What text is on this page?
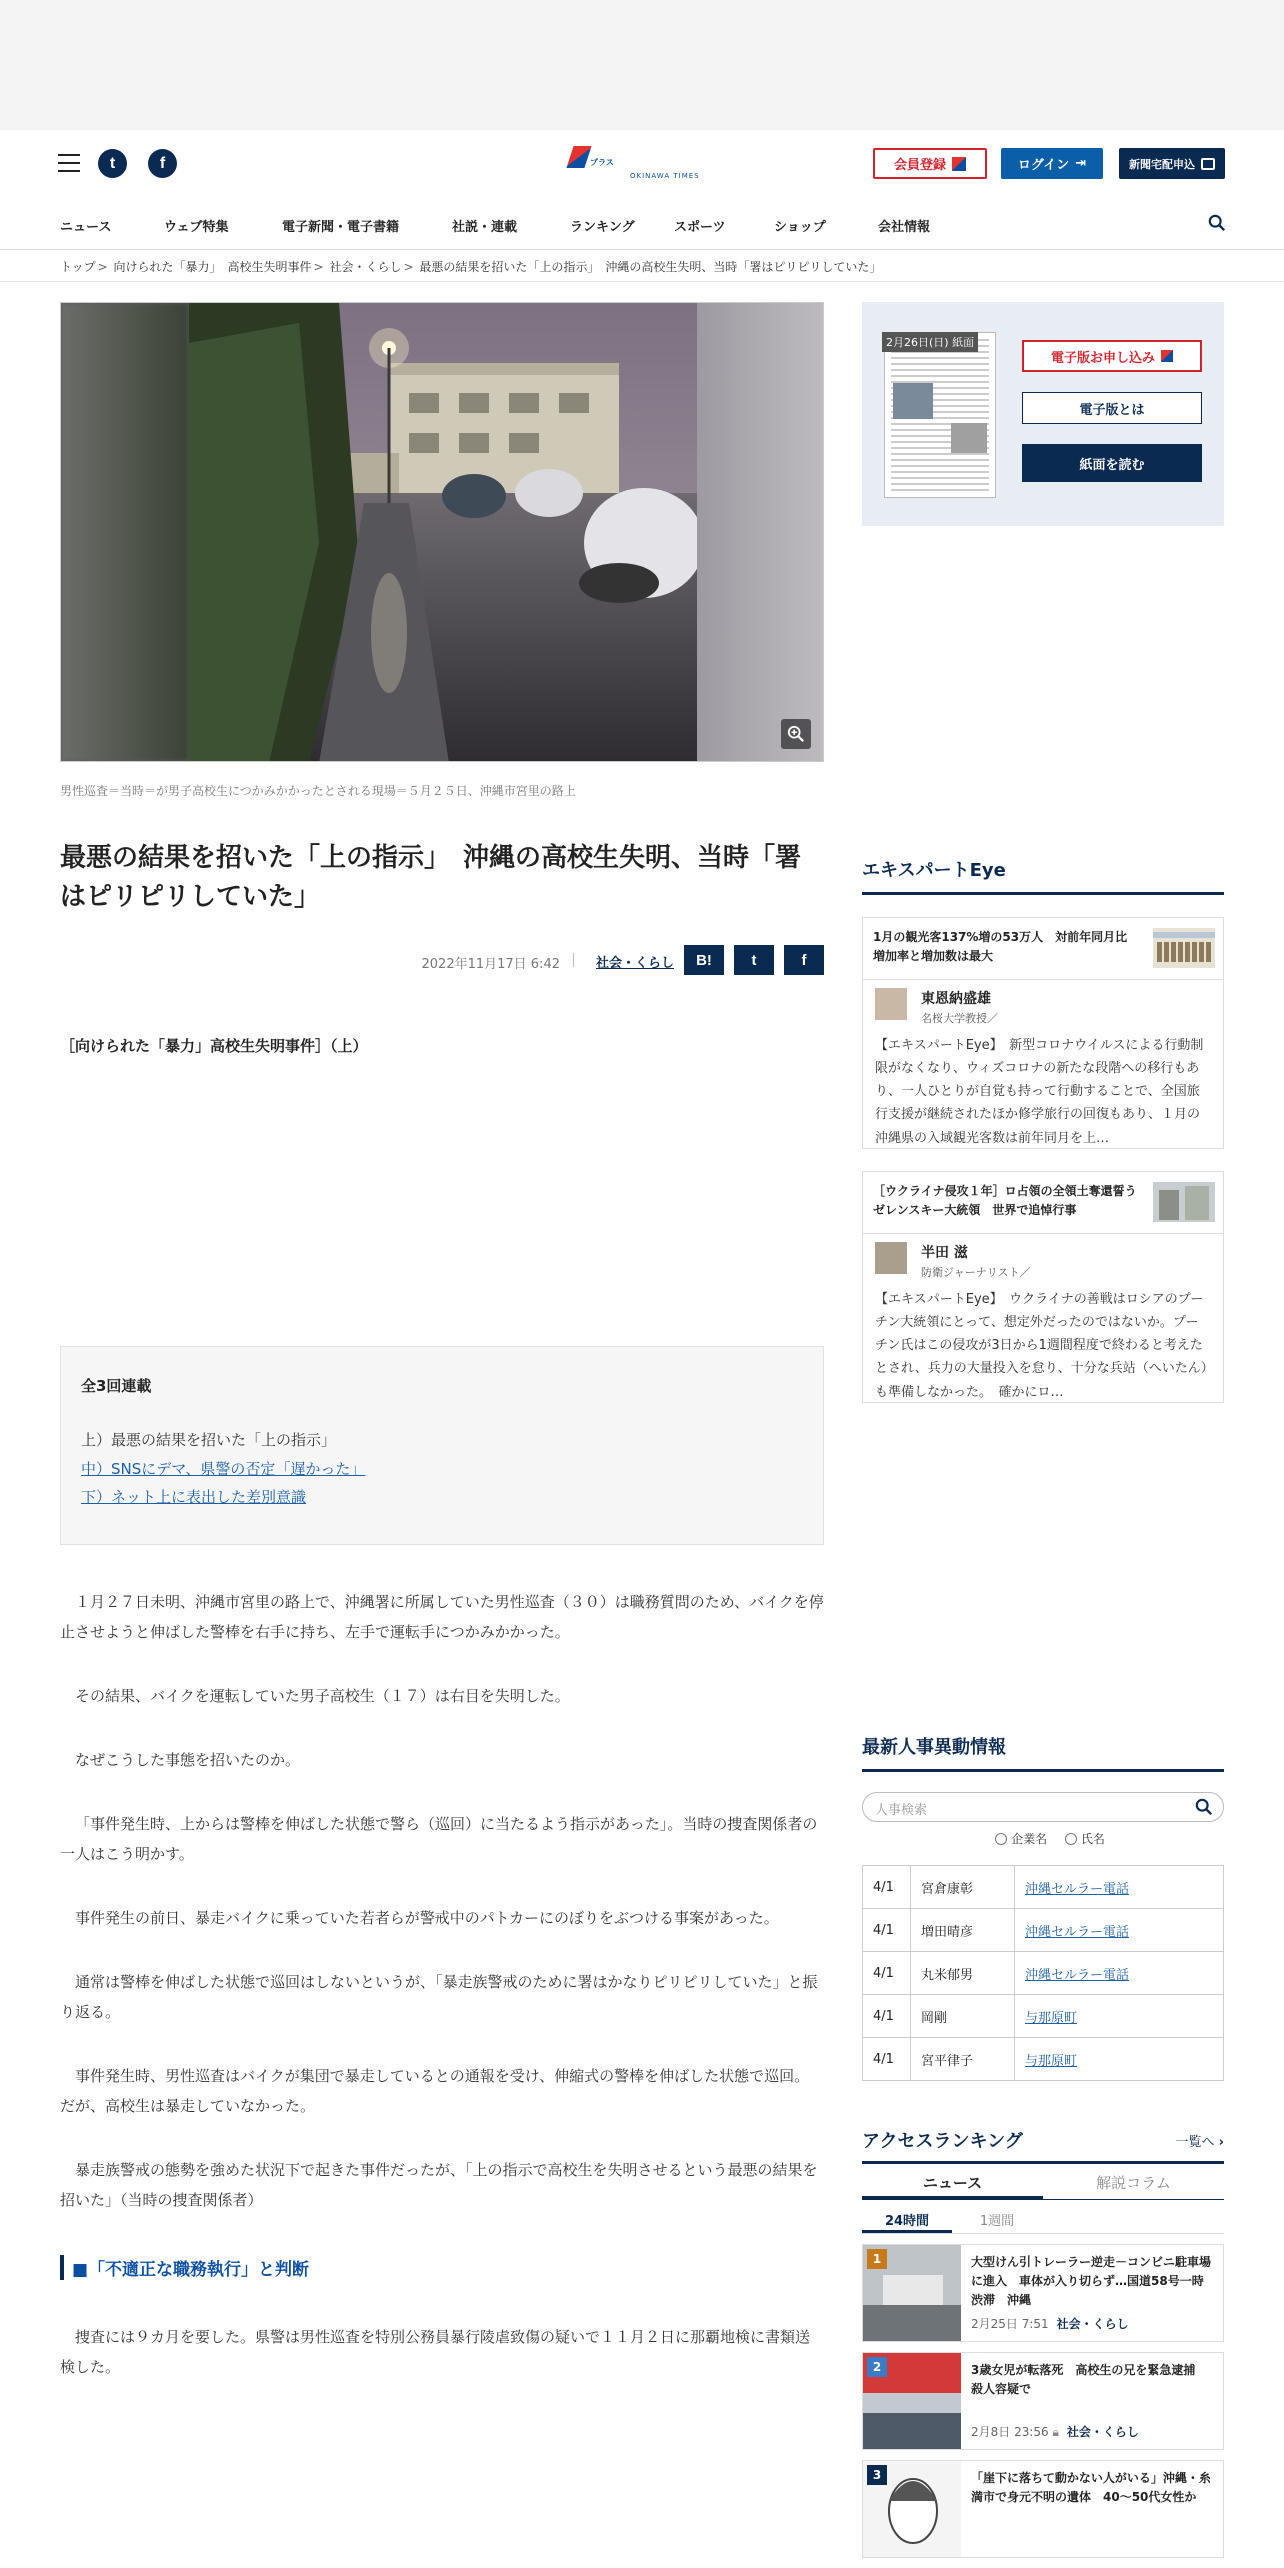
t	f	プラス
OKINAWA TIMES
会員登録	ログイン ⇥	新聞宅配申込
ニュース	ウェブ特集	電子新聞・電子書籍	社説・連載	ランキング	スポーツ	ショップ	会社情報
トップ > 向けられた「暴力」　高校生失明事件 > 社会・くらし > 最悪の結果を招いた「上の指示」　沖縄の高校生失明、当時「署はピリピリしていた」
男性巡査＝当時＝が男子高校生につかみかかったとされる現場＝５月２５日、沖縄市宮里の路上
最悪の結果を招いた「上の指示」　沖縄の高校生失明、当時「署はピリピリしていた」
2022年11月17日 6:42	社会・くらし	B!	t	f
［向けられた「暴力」高校生失明事件］（上）
全3回連載
上）最悪の結果を招いた「上の指示」
中）SNSにデマ、県警の否定「遅かった」
下）ネット上に表出した差別意識

１月２７日未明、沖縄市宮里の路上で、沖縄署に所属していた男性巡査（３０）は職務質問のため、バイクを停止させようと伸ばした警棒を右手に持ち、左手で運転手につかみかかった。

その結果、バイクを運転していた男子高校生（１７）は右目を失明した。

なぜこうした事態を招いたのか。

「事件発生時、上からは警棒を伸ばした状態で警ら（巡回）に当たるよう指示があった」。当時の捜査関係者の一人はこう明かす。

事件発生の前日、暴走バイクに乗っていた若者らが警戒中のパトカーにのぼりをぶつける事案があった。

通常は警棒を伸ばした状態で巡回はしないというが、「暴走族警戒のために署はかなりピリピリしていた」と振り返る。

事件発生時、男性巡査はバイクが集団で暴走しているとの通報を受け、伸縮式の警棒を伸ばした状態で巡回。だが、高校生は暴走していなかった。

暴走族警戒の態勢を強めた状況下で起きた事件だったが、「上の指示で高校生を失明させるという最悪の結果を招いた」（当時の捜査関係者）

■「不適正な職務執行」と判断

捜査には９カ月を要した。県警は男性巡査を特別公務員暴行陵虐致傷の疑いで１１月２日に那覇地検に書類送検した。

2月26日(日) 紙面
電子版お申し込み
電子版とは
紙面を読む
エキスパートEye
1月の観光客137%増の53万人　対前年同月比　増加率と増加数は最大
東恩納盛雄
名桜大学教授／
【エキスパートEye】　新型コロナウイルスによる行動制限がなくなり、ウィズコロナの新たな段階への移行もあり、一人ひとりが自覚も持って行動することで、全国旅行支援が継続されたほか修学旅行の回復もあり、１月の沖縄県の入域観光客数は前年同月を上…
［ウクライナ侵攻１年］ロ占領の全領土奪還誓う　ゼレンスキー大統領　世界で追悼行事
半田 滋
防衛ジャーナリスト／
【エキスパートEye】　ウクライナの善戦はロシアのプーチン大統領にとって、想定外だったのではないか。プーチン氏はこの侵攻が3日から1週間程度で終わると考えたとされ、兵力の大量投入を怠り、十分な兵站（へいたん）も準備しなかった。　確かにロ…
最新人事異動情報
人事検索
企業名	氏名
4/1	宮倉康彰	沖縄セルラー電話
4/1	増田晴彦	沖縄セルラー電話
4/1	丸米郁男	沖縄セルラー電話
4/1	岡剛	与那原町
4/1	宮平律子	与那原町
アクセスランキング	一覧へ ›
ニュース	解説コラム
24時間	1週間
1	大型けん引トレーラー逆走－コンビニ駐車場に進入　車体が入り切らず…国道58号一時渋滞　沖縄
2月25日 7:51 社会・くらし
2	3歳女児が転落死　高校生の兄を緊急逮捕　殺人容疑で
2月8日 23:56 🔒︎ 社会・くらし
3	「崖下に落ちて動かない人がいる」沖縄・糸満市で身元不明の遺体　40～50代女性か
